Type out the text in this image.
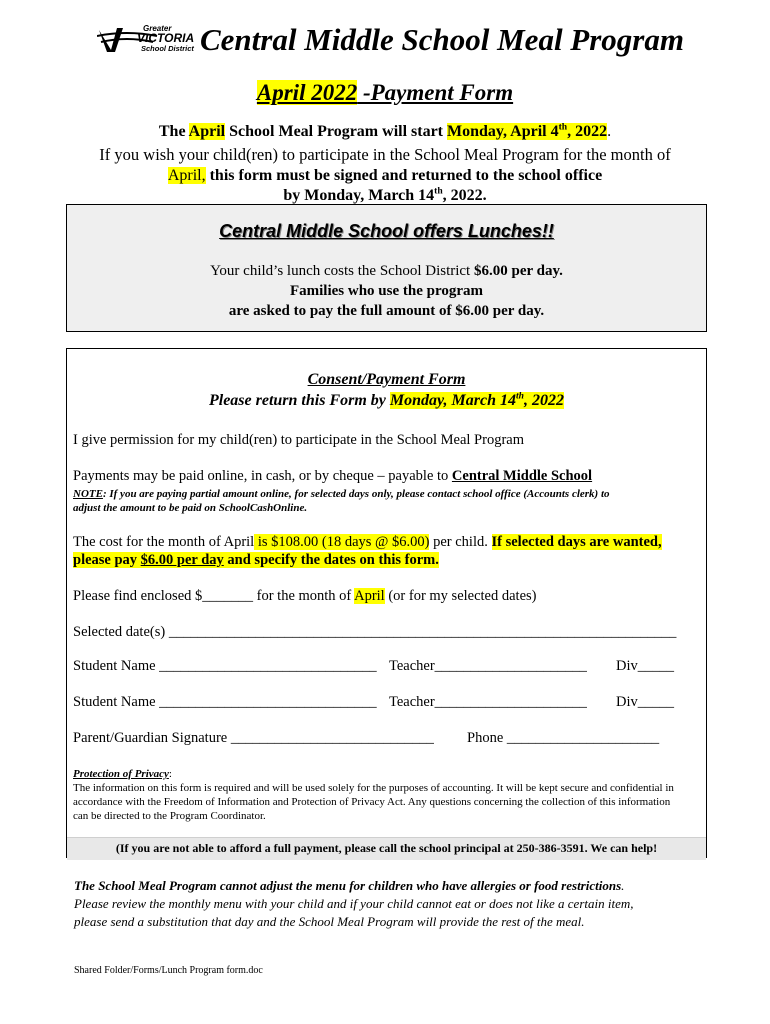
Greater
VICTORIA
School District Central Middle School Meal Program
April 2022 -Payment Form
The April School Meal Program will start Monday, April 4th, 2022.
If you wish your child(ren) to participate in the School Meal Program for the month of
April, this form must be signed and returned to the school office
by Monday, March 14th, 2022.
Central Middle School offers Lunches!!
Your child’s lunch costs the School District $6.00 per day.
Families who use the program
are asked to pay the full amount of $6.00 per day.
Consent/Payment Form
Please return this Form by Monday, March 14th, 2022
I give permission for my child(ren) to participate in the School Meal Program
Payments may be paid online, in cash, or by cheque – payable to Central Middle School
NOTE: If you are paying partial amount online, for selected days only, please contact school office (Accounts clerk) to
adjust the amount to be paid on SchoolCashOnline.
The cost for the month of April is $108.00 (18 days @ $6.00) per child. If selected days are wanted,
please pay $6.00 per day and specify the dates on this form.
Please find enclosed $_______ for the month of April (or for my selected dates)
Selected date(s) ______________________________________________________________________
Student Name ______________________________ Teacher_____________________ Div_____
Student Name ______________________________ Teacher_____________________ Div_____
Parent/Guardian Signature ____________________________ Phone _____________________
Protection of Privacy:
The information on this form is required and will be used solely for the purposes of accounting. It will be kept secure and confidential in
accordance with the Freedom of Information and Protection of Privacy Act. Any questions concerning the collection of this information
can be directed to the Program Coordinator.
(If you are not able to afford a full payment, please call the school principal at 250-386-3591. We can help!
The School Meal Program cannot adjust the menu for children who have allergies or food restrictions.
Please review the monthly menu with your child and if your child cannot eat or does not like a certain item,
please send a substitution that day and the School Meal Program will provide the rest of the meal.
Shared Folder/Forms/Lunch Program form.doc
